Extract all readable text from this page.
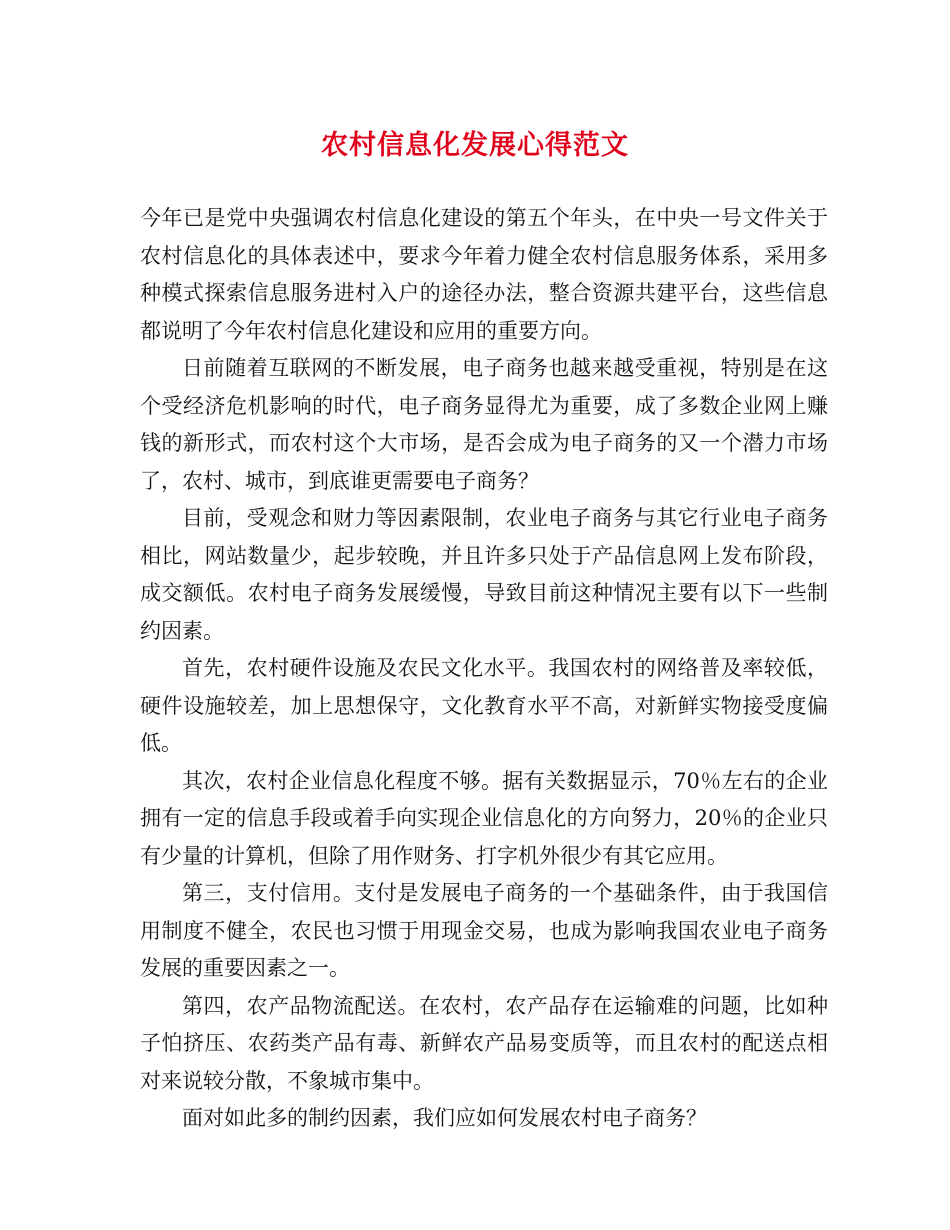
农村信息化发展心得范文

今年已是党中央强调农村信息化建设的第五个年头，在中央一号文件关于农村信息化的具体表述中，要求今年着力健全农村信息服务体系，采用多种模式探索信息服务进村入户的途径办法，整合资源共建平台，这些信息都说明了今年农村信息化建设和应用的重要方向。

日前随着互联网的不断发展，电子商务也越来越受重视，特别是在这个受经济危机影响的时代，电子商务显得尤为重要，成了多数企业网上赚钱的新形式，而农村这个大市场，是否会成为电子商务的又一个潜力市场了，农村、城市，到底谁更需要电子商务？

目前，受观念和财力等因素限制，农业电子商务与其它行业电子商务相比，网站数量少，起步较晚，并且许多只处于产品信息网上发布阶段，成交额低。农村电子商务发展缓慢，导致目前这种情况主要有以下一些制约因素。

首先，农村硬件设施及农民文化水平。我国农村的网络普及率较低，硬件设施较差，加上思想保守，文化教育水平不高，对新鲜实物接受度偏低。

其次，农村企业信息化程度不够。据有关数据显示，70％左右的企业拥有一定的信息手段或着手向实现企业信息化的方向努力，20％的企业只有少量的计算机，但除了用作财务、打字机外很少有其它应用。

第三，支付信用。支付是发展电子商务的一个基础条件，由于我国信用制度不健全，农民也习惯于用现金交易，也成为影响我国农业电子商务发展的重要因素之一。

第四，农产品物流配送。在农村，农产品存在运输难的问题，比如种子怕挤压、农药类产品有毒、新鲜农产品易变质等，而且农村的配送点相对来说较分散，不象城市集中。

面对如此多的制约因素，我们应如何发展农村电子商务？
